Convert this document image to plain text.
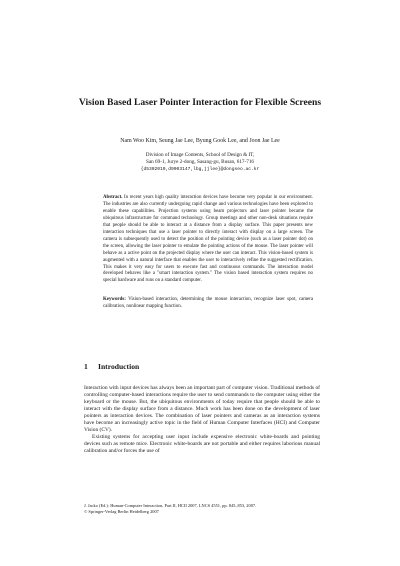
Vision Based Laser Pointer Interaction for Flexible Screens
Nam Woo Kim, Seung Jae Lee, Byung Gook Lee, and Joon Jae Lee
Division of Image Contents, School of Design & IT,
San 69-1, Jurye 2-dong, Sasang-gu, Busan, 617-716
{d5302010,d9003147,lbg,jjlee}@dongseo.ac.kr
Abstract. In recent years high quality interaction devices have become very popular in our environment. The industries are also currently undergoing rapid change and various technologies have been explored to enable these capabilities. Projection systems using beam projectors and laser pointer became the ubiquitous infrastructure for command technology. Group meetings and other non-desk situations require that people should be able to interact at a distance from a display surface. This paper presents new interaction techniques that use a laser pointer to directly interact with display on a large screen. The camera is subsequently used to detect the position of the pointing device (such as a laser pointer dot) on the screen, allowing the laser pointer to emulate the pointing actions of the mouse. The laser pointer will behave as a active point on the projected display where the user can interact. This vision-based system is augmented with a natural interface that enables the user to interactively refine the suggested rectification. This makes it very easy for users to execute fast and continuous commands. The interaction model developed behaves like a "smart interaction system." The vision based interaction system requires no special hardware and runs on a standard computer.
Keywords: Vision-based interaction, determining the mouse interaction, recognize laser spot, camera calibration, nonlinear mapping function.
1 Introduction

Interaction with input devices has always been an important part of computer vision. Traditional methods of controlling computer-based interactions require the user to send commands to the computer using either the keyboard or the mouse. But, the ubiquitous environments of today require that people should be able to interact with the display surface from a distance. Much work has been done on the development of laser pointers as interaction devices. The combination of laser pointers and cameras as an interaction systems have become an increasingly active topic in the field of Human Computer Interfaces (HCI) and Computer Vision (CV).

Existing systems for accepting user input include expensive electronic white-boards and pointing devices such as remote mice. Electronic white-boards are not portable and either requires laborious manual calibration and/or forces the use of

J. Jacko (Ed.): Human-Computer Interaction, Part II, HCII 2007, LNCS 4551, pp. 845–853, 2007.
© Springer-Verlag Berlin Heidelberg 2007
